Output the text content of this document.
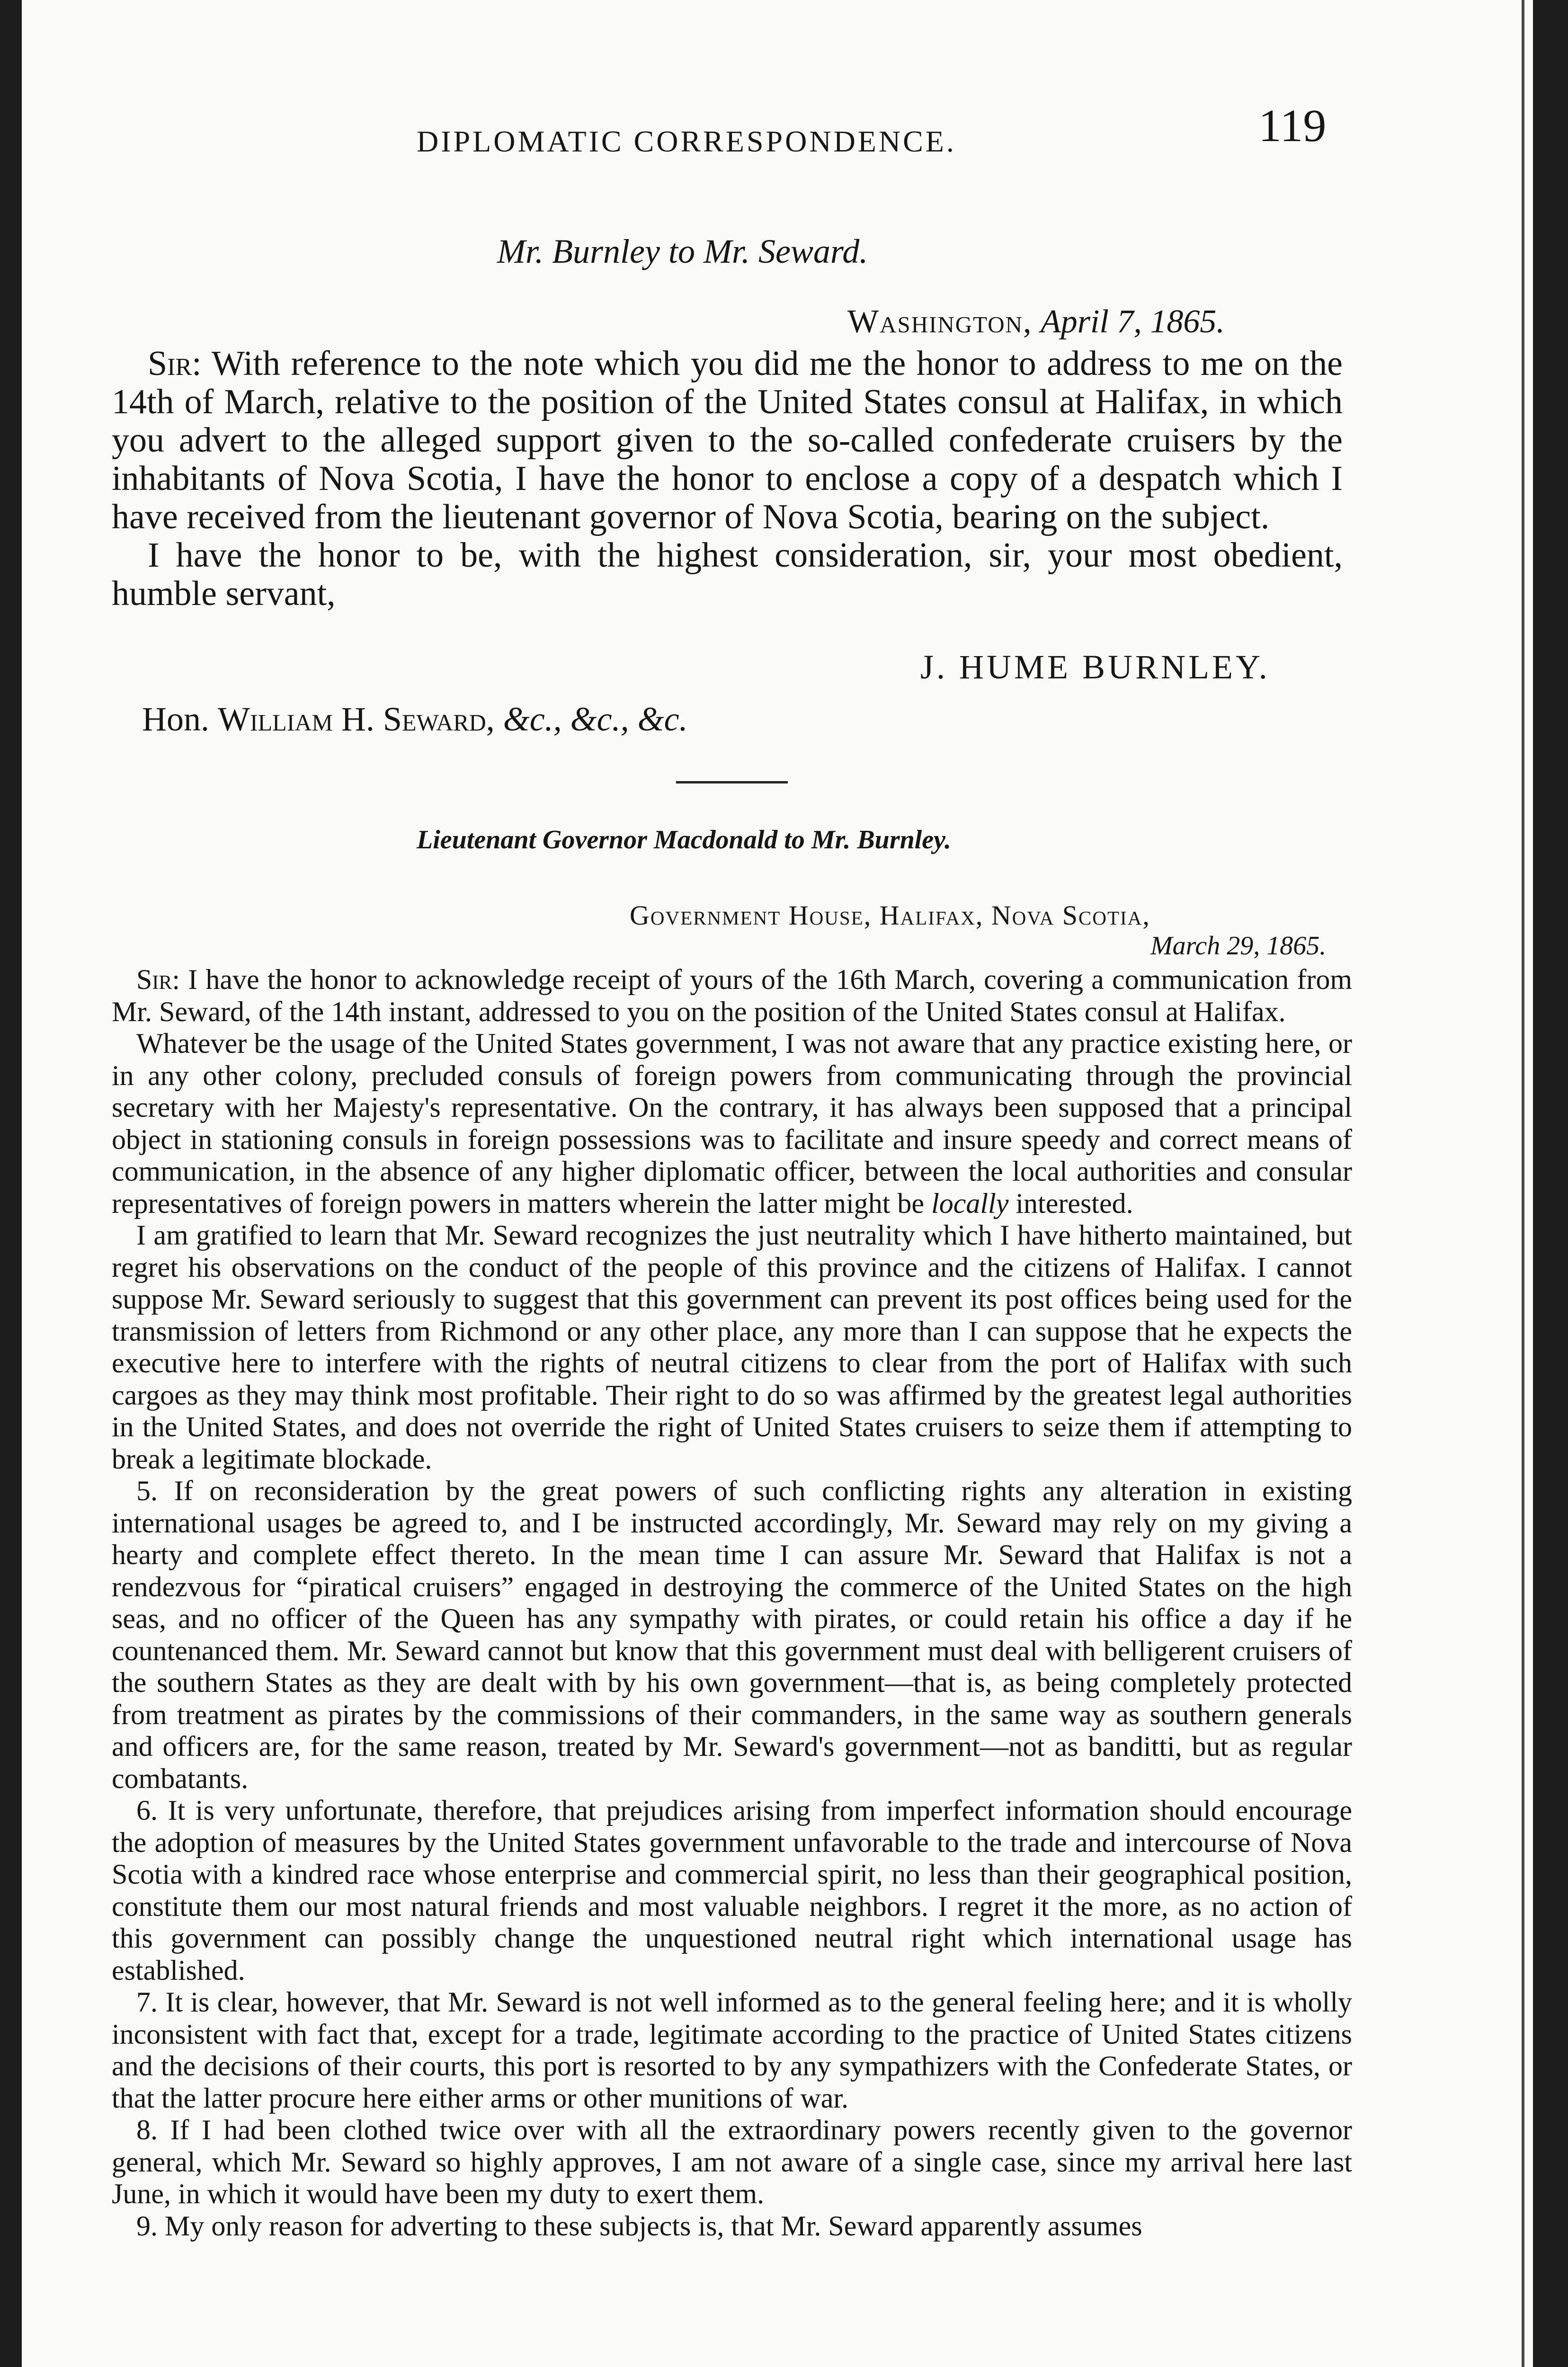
DIPLOMATIC CORRESPONDENCE.	119
Mr. Burnley to Mr. Seward.
Washington, April 7, 1865.

Sir: With reference to the note which you did me the honor to address to me on the 14th of March, relative to the position of the United States consul at Halifax, in which you advert to the alleged support given to the so-called confederate cruisers by the inhabitants of Nova Scotia, I have the honor to enclose a copy of a despatch which I have received from the lieutenant governor of Nova Scotia, bearing on the subject.

I have the honor to be, with the highest consideration, sir, your most obedient, humble servant,

J. HUME BURNLEY.
Hon. William H. Seward, &c., &c., &c.
Lieutenant Governor Macdonald to Mr. Burnley.
Government House, Halifax, Nova Scotia,
March 29, 1865.

Sir: I have the honor to acknowledge receipt of yours of the 16th March, covering a communication from Mr. Seward, of the 14th instant, addressed to you on the position of the United States consul at Halifax.

Whatever be the usage of the United States government, I was not aware that any practice existing here, or in any other colony, precluded consuls of foreign powers from communicating through the provincial secretary with her Majesty's representative. On the contrary, it has always been supposed that a principal object in stationing consuls in foreign possessions was to facilitate and insure speedy and correct means of communication, in the absence of any higher diplomatic officer, between the local authorities and consular representatives of foreign powers in matters wherein the latter might be locally interested.

I am gratified to learn that Mr. Seward recognizes the just neutrality which I have hitherto maintained, but regret his observations on the conduct of the people of this province and the citizens of Halifax. I cannot suppose Mr. Seward seriously to suggest that this government can prevent its post offices being used for the transmission of letters from Richmond or any other place, any more than I can suppose that he expects the executive here to interfere with the rights of neutral citizens to clear from the port of Halifax with such cargoes as they may think most profitable. Their right to do so was affirmed by the greatest legal authorities in the United States, and does not override the right of United States cruisers to seize them if attempting to break a legitimate blockade.

5. If on reconsideration by the great powers of such conflicting rights any alteration in existing international usages be agreed to, and I be instructed accordingly, Mr. Seward may rely on my giving a hearty and complete effect thereto. In the mean time I can assure Mr. Seward that Halifax is not a rendezvous for “piratical cruisers” engaged in destroying the commerce of the United States on the high seas, and no officer of the Queen has any sympathy with pirates, or could retain his office a day if he countenanced them. Mr. Seward cannot but know that this government must deal with belligerent cruisers of the southern States as they are dealt with by his own government—that is, as being completely protected from treatment as pirates by the commissions of their commanders, in the same way as southern generals and officers are, for the same reason, treated by Mr. Seward's government—not as banditti, but as regular combatants.

6. It is very unfortunate, therefore, that prejudices arising from imperfect information should encourage the adoption of measures by the United States government unfavorable to the trade and intercourse of Nova Scotia with a kindred race whose enterprise and commercial spirit, no less than their geographical position, constitute them our most natural friends and most valuable neighbors. I regret it the more, as no action of this government can possibly change the unquestioned neutral right which international usage has established.

7. It is clear, however, that Mr. Seward is not well informed as to the general feeling here; and it is wholly inconsistent with fact that, except for a trade, legitimate according to the practice of United States citizens and the decisions of their courts, this port is resorted to by any sympathizers with the Confederate States, or that the latter procure here either arms or other munitions of war.

8. If I had been clothed twice over with all the extraordinary powers recently given to the governor general, which Mr. Seward so highly approves, I am not aware of a single case, since my arrival here last June, in which it would have been my duty to exert them.

9. My only reason for adverting to these subjects is, that Mr. Seward apparently assumes
